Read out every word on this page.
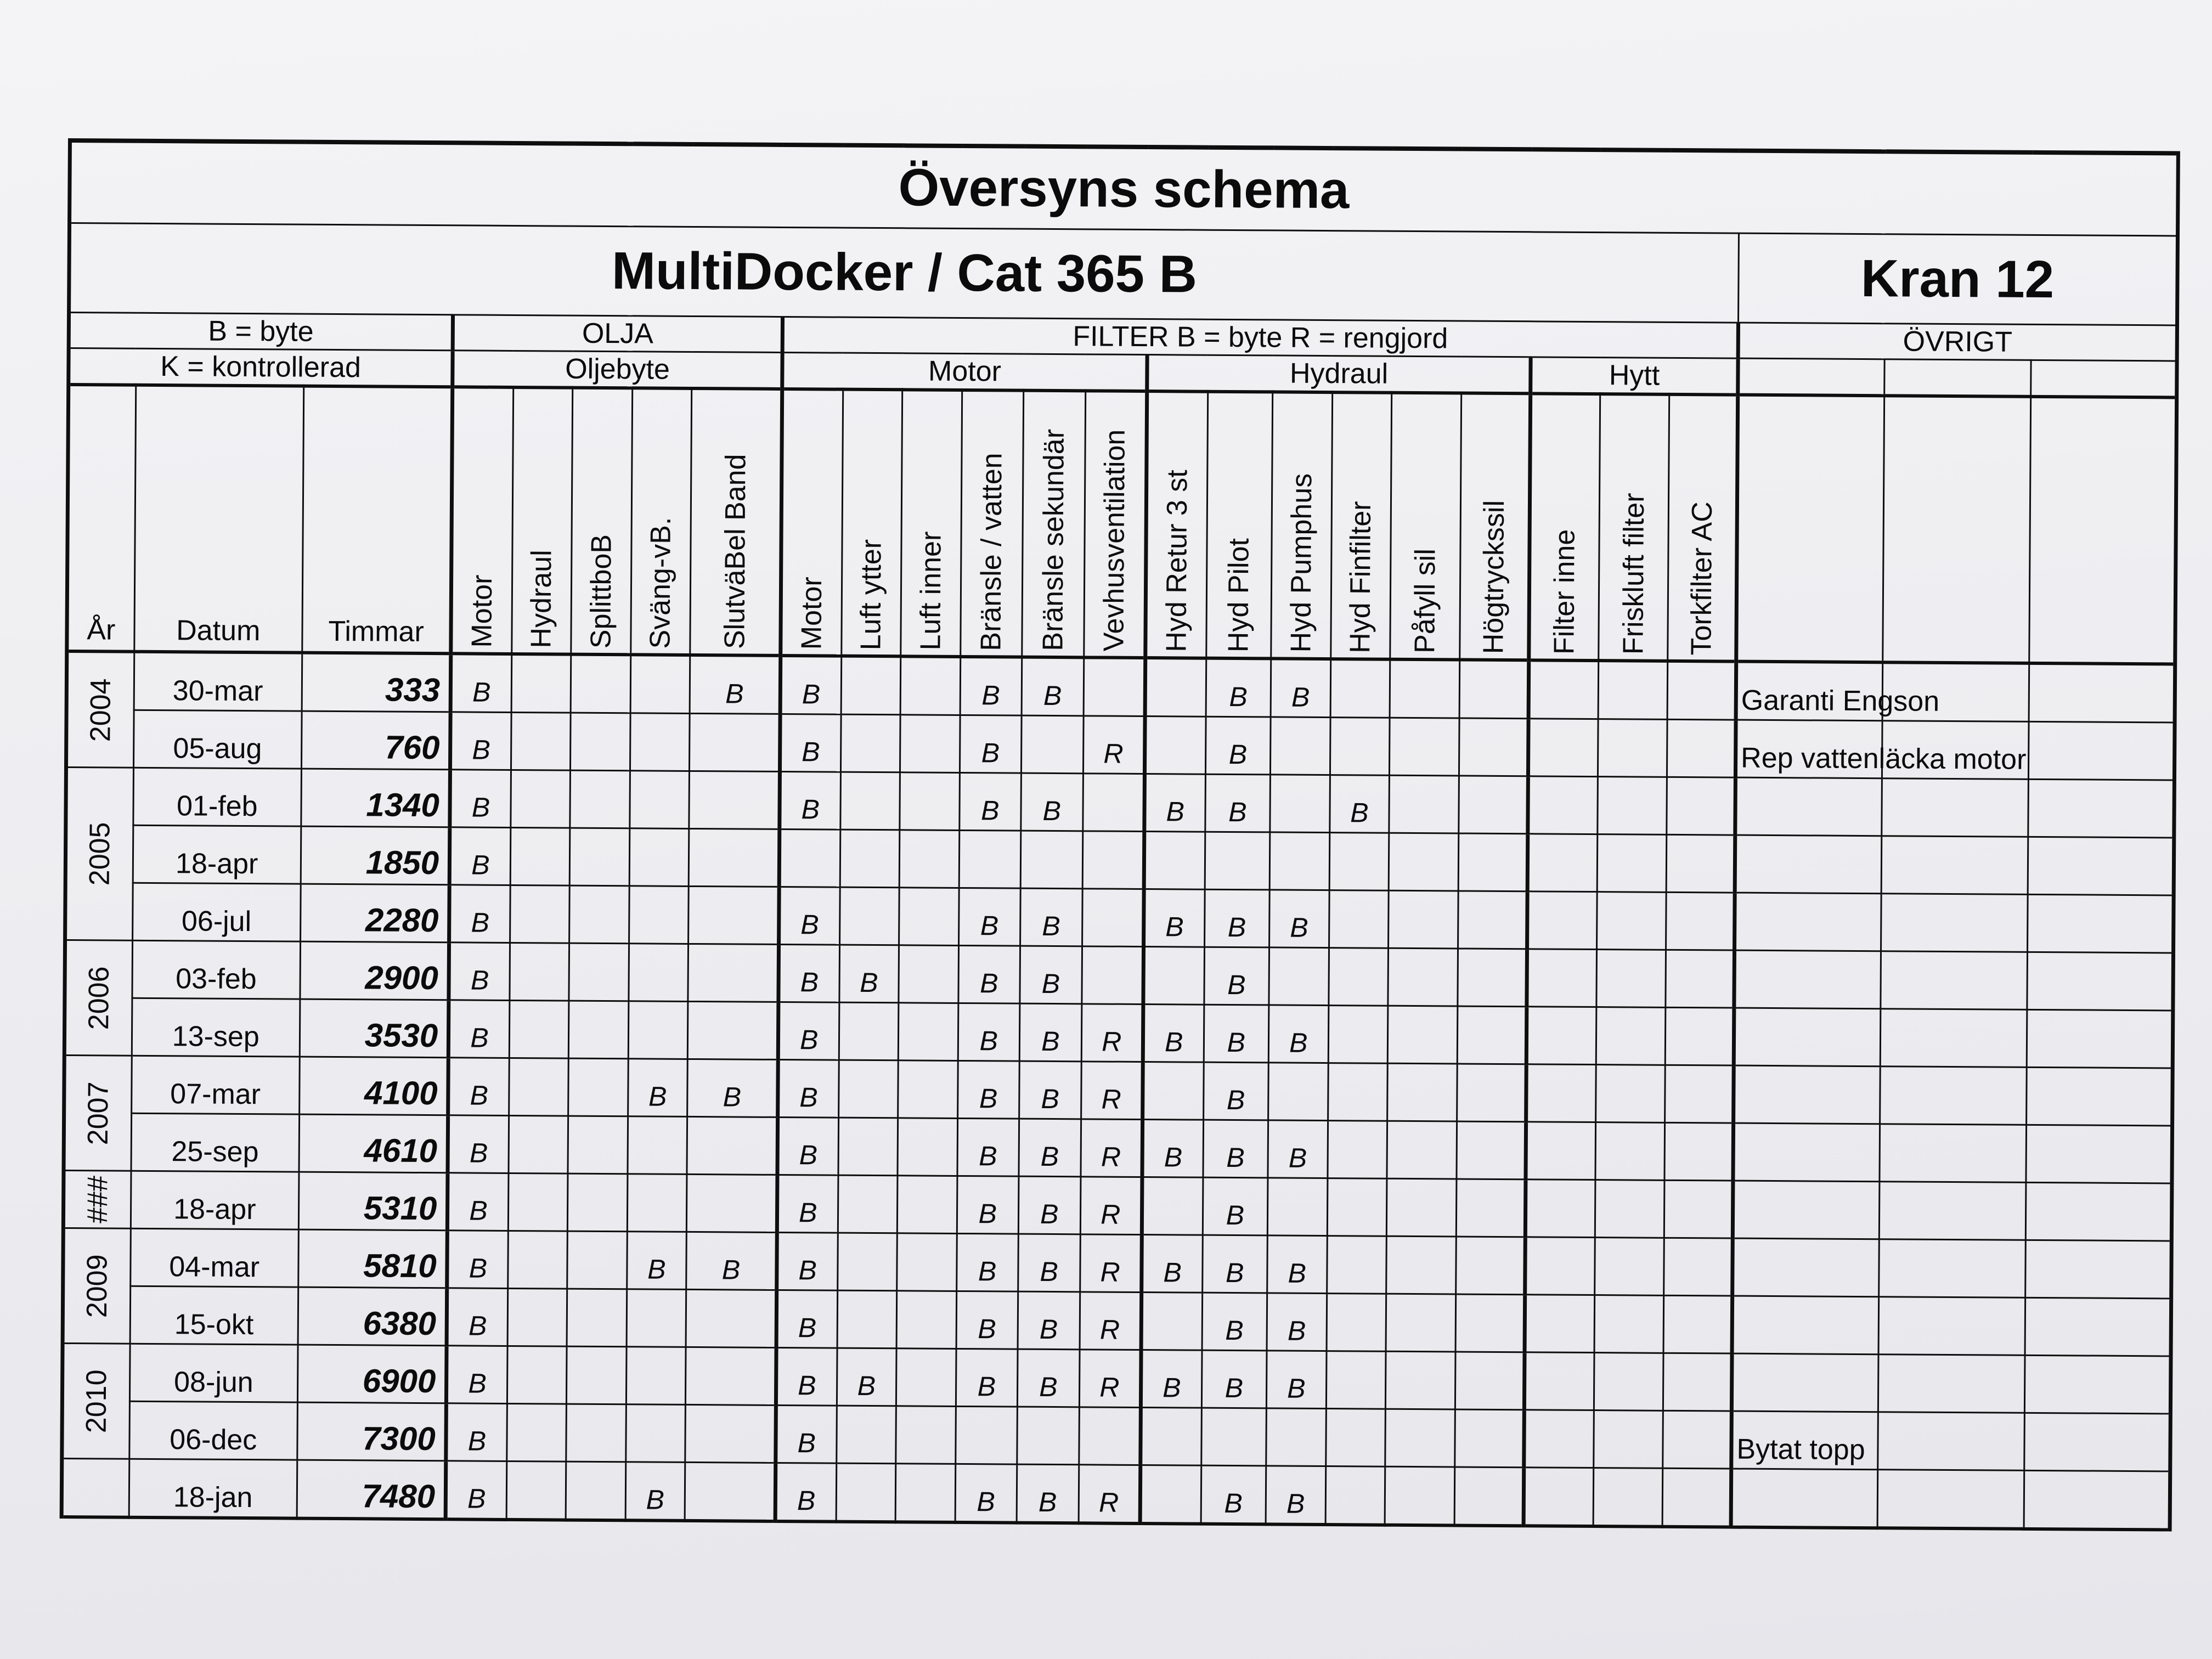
Översyns schema																									
MultiDocker / Cat 365 B																							Kran 12		
B = byte			OLJA					FILTER B = byte R = rengjord															ÖVRIGT		
K = kontrollerad			Oljebyte					Motor						Hydraul						Hytt					
År	Datum	Timmar	Motor	Hydraul	SplittboB	Sväng-vB.	SlutväBel Band	Motor	Luft ytter	Luft inner	Bränsle / vatten	Bränsle sekundär	Vevhusventilation	Hyd Retur 3 st	Hyd Pilot	Hyd Pumphus	Hyd Finfilter	Påfyll sil	Högtryckssil	Filter inne	Friskluft filter	Torkfilter AC			

2004	30-mar	333	B				B	B			B	B			B	B							Garanti Engson		
	05-aug	760	B					B			B		R		B								Rep vattenläcka motor		

2005	01-feb	1340	B					B			B	B		B	B		B								
	18-apr	1850	B																						
	06-jul	2280	B					B			B	B		B	B	B									

2006	03-feb	2900	B					B	B		B	B			B										
	13-sep	3530	B					B			B	B	R	B	B	B									

2007	07-mar	4100	B			B	B	B			B	B	R		B										
	25-sep	4610	B					B			B	B	R	B	B	B									

###	18-apr	5310	B					B			B	B	R		B										

2009	04-mar	5810	B			B	B	B			B	B	R	B	B	B									
	15-okt	6380	B					B			B	B	R		B	B									

2010	08-jun	6900	B					B	B		B	B	R	B	B	B									
	06-dec	7300	B					B															Bytat topp		

	18-jan	7480	B			B		B			B	B	R		B	B									
